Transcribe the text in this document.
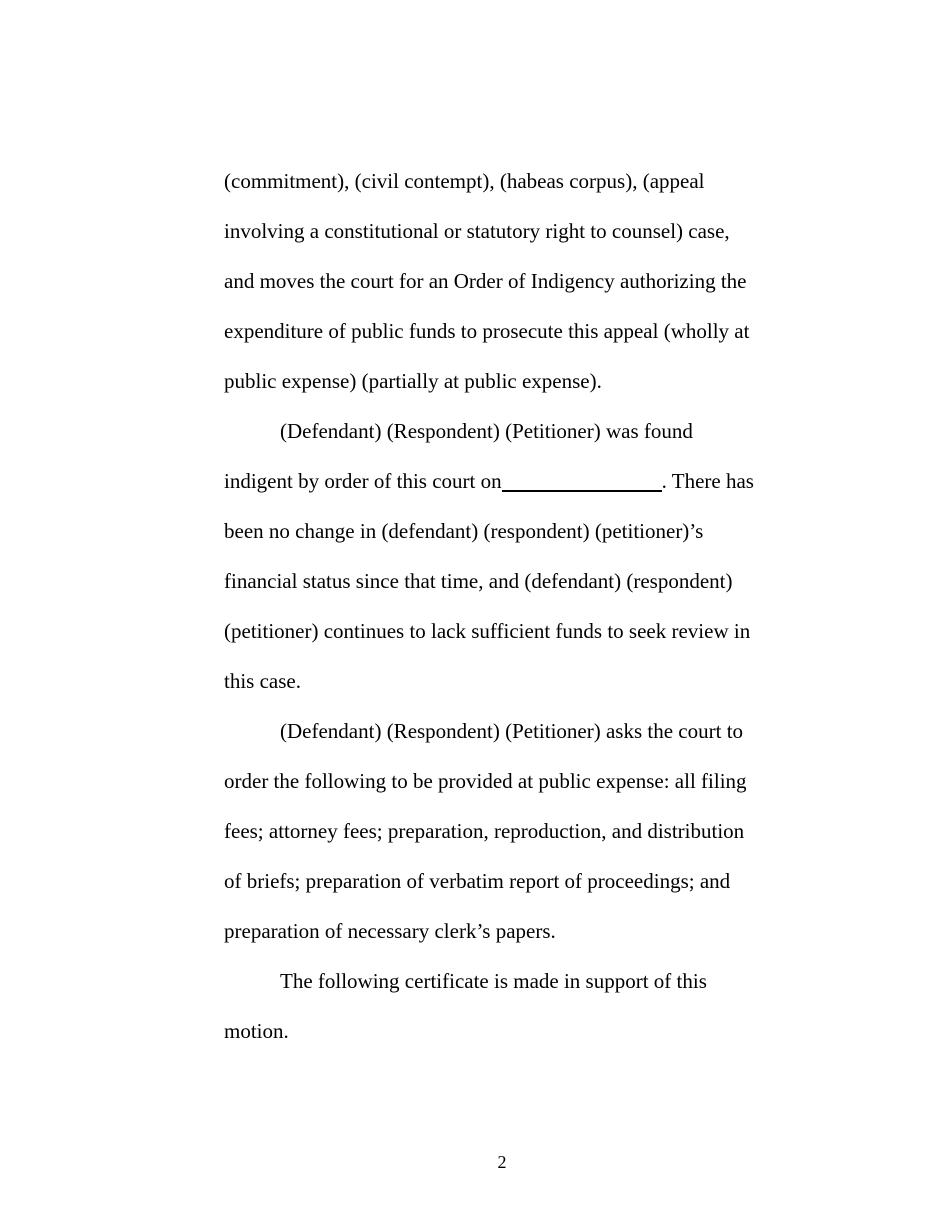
(commitment), (civil contempt), (habeas corpus), (appeal
involving a constitutional or statutory right to counsel) case,
and moves the court for an Order of Indigency authorizing the
expenditure of public funds to prosecute this appeal (wholly at
public expense) (partially at public expense).
(Defendant) (Respondent) (Petitioner) was found
indigent by order of this court on	. There has
been no change in (defendant) (respondent) (petitioner)’s
financial status since that time, and (defendant) (respondent)
(petitioner) continues to lack sufficient funds to seek review in
this case.
(Defendant) (Respondent) (Petitioner) asks the court to
order the following to be provided at public expense: all filing
fees; attorney fees; preparation, reproduction, and distribution
of briefs; preparation of verbatim report of proceedings; and
preparation of necessary clerk’s papers.
The following certificate is made in support of this
motion.
2
